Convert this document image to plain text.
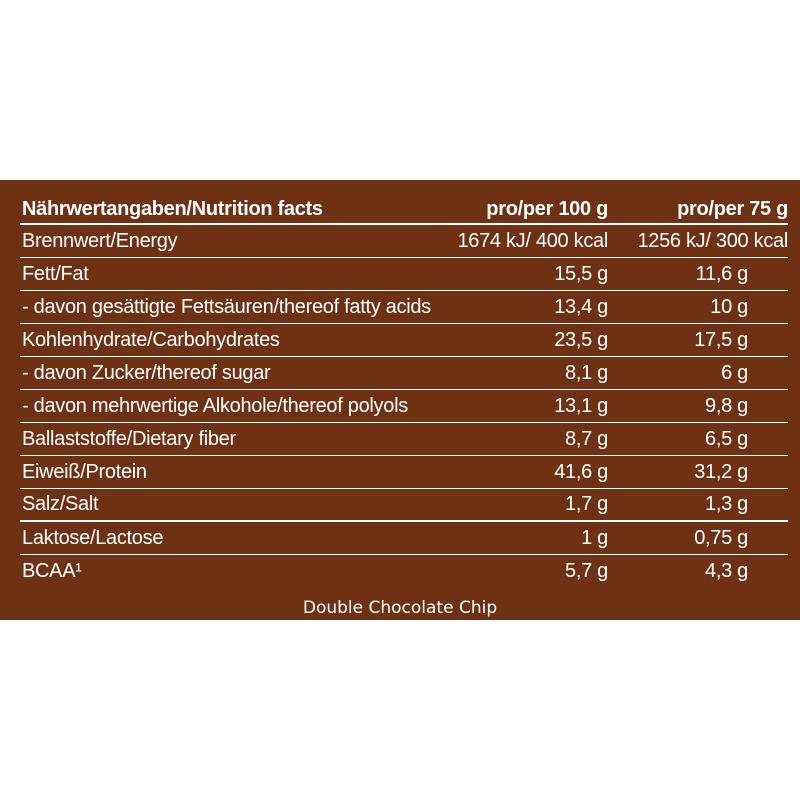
Nährwertangaben/Nutrition facts	pro/per 100 g	pro/per 75 g
Brennwert/Energy	1674 kJ/ 400 kcal	1256 kJ/ 300 kcal
Fett/Fat	15,5 g	11,6 g
- davon gesättigte Fettsäuren/thereof fatty acids	13,4 g	10 g
Kohlenhydrate/Carbohydrates	23,5 g	17,5 g
- davon Zucker/thereof sugar	8,1 g	6 g
- davon mehrwertige Alkohole/thereof polyols	13,1 g	9,8 g
Ballaststoffe/Dietary fiber	8,7 g	6,5 g
Eiweiß/Protein	41,6 g	31,2 g
Salz/Salt	1,7 g	1,3 g
Laktose/Lactose	1 g	0,75 g
BCAA¹	5,7 g	4,3 g
Double Chocolate Chip
